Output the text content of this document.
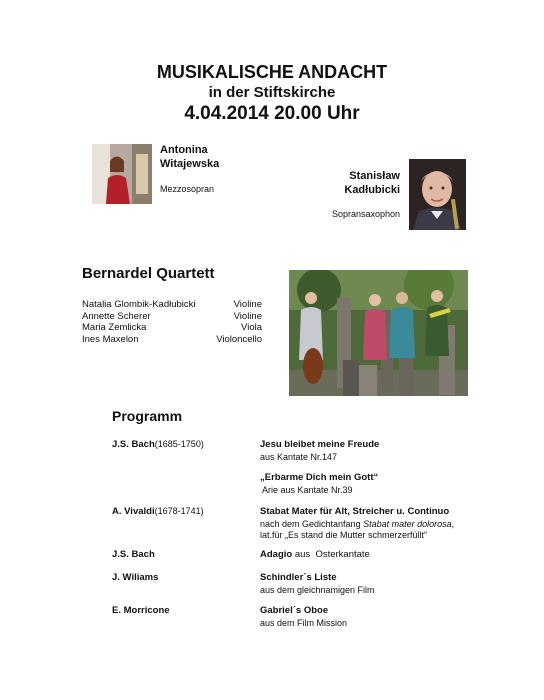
MUSIKALISCHE ANDACHT
in der Stiftskirche
4.04.2014 20.00 Uhr
Antonina
Witajewska
Mezzosopran
Stanisław
Kadłubicki
Sopransaxophon
Bernardel Quartett
Natalia Glombik-Kadłubicki	Violine
Annette Scherer	Violine
Maria Zemlicka	Viola
Ines Maxelon	Violoncello
Programm
J.S. Bach(1685-1750)	Jesu bleibet meine Freude
aus Kantate Nr.147
„Erbarme Dich mein Gott“
Arie aus Kantate Nr.39
A. Vivaldi(1678-1741)	Stabat Mater für Alt, Streicher u. Continuo
nach dem Gedichtanfang Stabat mater dolorosa,
lat.für „Es stand die Mutter schmerzerfüllt“
J.S. Bach	Adagio aus  Osterkantate
J. Wiliams	Schindler´s Liste
aus dem gleichnamigen Film
E. Morricone	Gabriel´s Oboe
aus dem Film Mission
